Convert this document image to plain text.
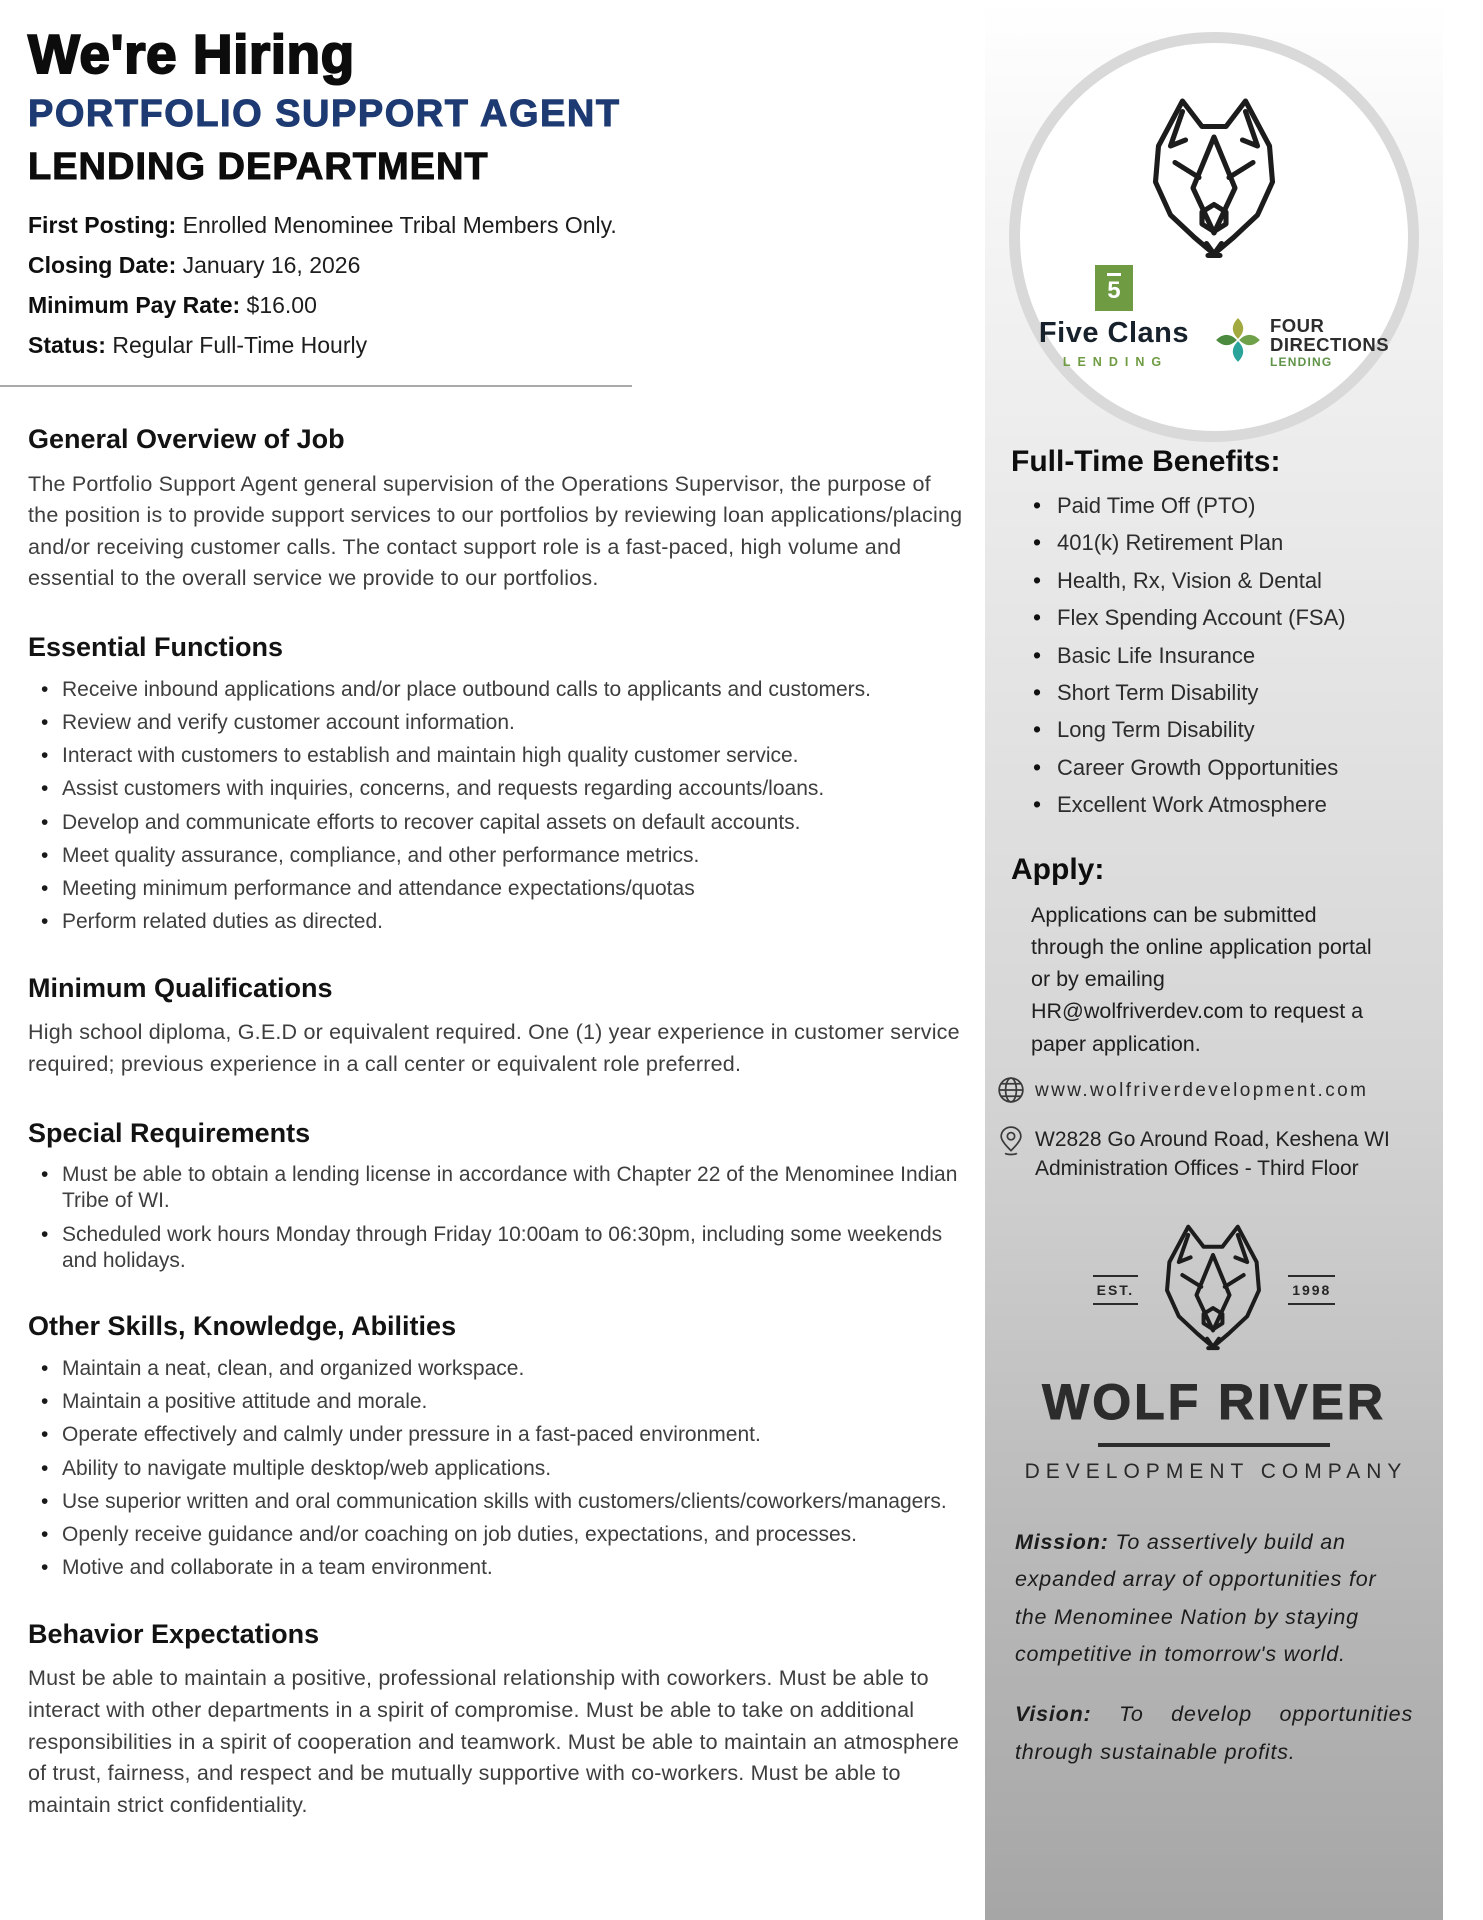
We're Hiring
PORTFOLIO SUPPORT AGENT
LENDING DEPARTMENT
First Posting: Enrolled Menominee Tribal Members Only.
Closing Date: January 16, 2026
Minimum Pay Rate: $16.00
Status: Regular Full-Time Hourly
General Overview of Job

The Portfolio Support Agent general supervision of the Operations Supervisor, the purpose of the position is to provide support services to our portfolios by reviewing loan applications/placing and/or receiving customer calls. The contact support role is a fast-paced, high volume and essential to the overall service we provide to our portfolios.

Essential Functions
• Receive inbound applications and/or place outbound calls to applicants and customers.
• Review and verify customer account information.
• Interact with customers to establish and maintain high quality customer service.
• Assist customers with inquiries, concerns, and requests regarding accounts/loans.
• Develop and communicate efforts to recover capital assets on default accounts.
• Meet quality assurance, compliance, and other performance metrics.
• Meeting minimum performance and attendance expectations/quotas
• Perform related duties as directed.
Minimum Qualifications

High school diploma, G.E.D or equivalent required. One (1) year experience in customer service required; previous experience in a call center or equivalent role preferred.

Special Requirements
• Must be able to obtain a lending license in accordance with Chapter 22 of the Menominee Indian Tribe of WI.
• Scheduled work hours Monday through Friday 10:00am to 06:30pm, including some weekends and holidays.
Other Skills, Knowledge, Abilities
• Maintain a neat, clean, and organized workspace.
• Maintain a positive attitude and morale.
• Operate effectively and calmly under pressure in a fast-paced environment.
• Ability to navigate multiple desktop/web applications.
• Use superior written and oral communication skills with customers/clients/coworkers/managers.
• Openly receive guidance and/or coaching on job duties, expectations, and processes.
• Motive and collaborate in a team environment.
Behavior Expectations

Must be able to maintain a positive, professional relationship with coworkers. Must be able to interact with other departments in a spirit of compromise. Must be able to take on additional responsibilities in a spirit of cooperation and teamwork. Must be able to maintain an atmosphere of trust, fairness, and respect and be mutually supportive with co-workers. Must be able to maintain strict confidentiality.

5
Five Clans
LENDING
FOUR
DIRECTIONS
LENDING
Full-Time Benefits:
• Paid Time Off (PTO)
• 401(k) Retirement Plan
• Health, Rx, Vision & Dental
• Flex Spending Account (FSA)
• Basic Life Insurance
• Short Term Disability
• Long Term Disability
• Career Growth Opportunities
• Excellent Work Atmosphere
Apply:

Applications can be submitted through the online application portal or by emailing HR@wolfriverdev.com to request a paper application.

www.wolfriverdevelopment.com
W2828 Go Around Road, Keshena WI
Administration Offices - Third Floor
EST.	1998
WOLF RIVER
DEVELOPMENT COMPANY

Mission: To assertively build an expanded array of opportunities for the Menominee Nation by staying competitive in tomorrow's world.

Vision: To develop opportunities through sustainable profits.
